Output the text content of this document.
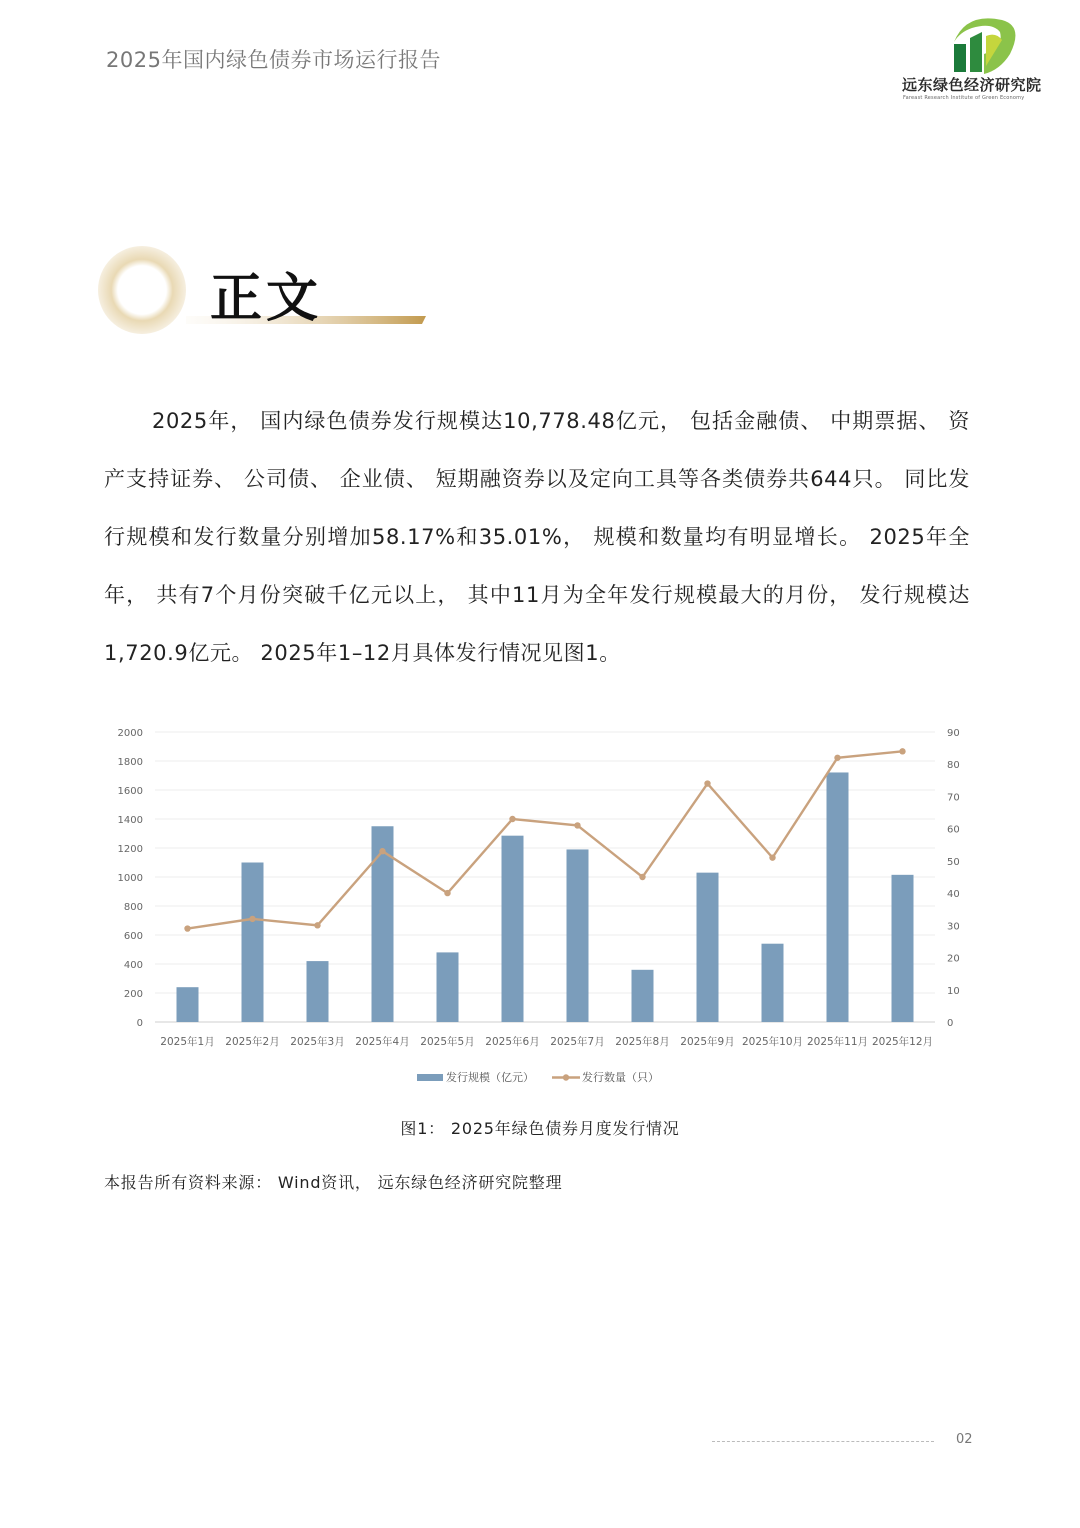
2025年国内绿色债券市场运行报告
远东绿色经济研究院
Fareast Research Institute of Green Economy
正文

2025年， 国内绿色债券发行规模达10,778.48亿元， 包括金融债、 中期票据、 资产支持证券、 公司债、 企业债、 短期融资券以及定向工具等各类债券共644只。 同比发行规模和发行数量分别增加58.17%和35.01%， 规模和数量均有明显增长。 2025年全年， 共有7个月份突破千亿元以上， 其中11月为全年发行规模最大的月份， 发行规模达1,720.9亿元。 2025年1–12月具体发行情况见图1。

0
200
400
600
800
1000
1200
1400
1600
1800
2000
0
10
20
30
40
50
60
70
80
90
2025年1月 2025年2月 2025年3月 2025年4月 2025年5月 2025年6月 2025年7月 2025年8月 2025年9月 2025年10月 2025年11月 2025年12月
发行规模（亿元）	发行数量（只）
图1： 2025年绿色债券月度发行情况
本报告所有资料来源： Wind资讯， 远东绿色经济研究院整理
02
